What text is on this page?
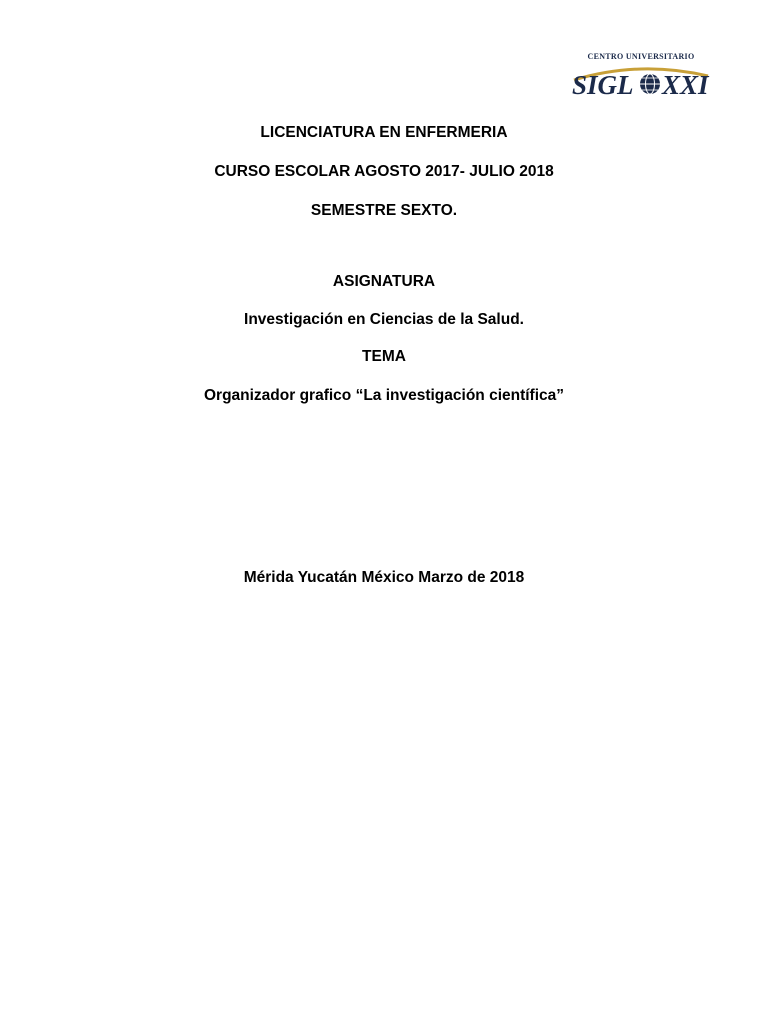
CENTRO UNIVERSITARIO
SIGL XXI
LICENCIATURA EN ENFERMERIA
CURSO ESCOLAR AGOSTO 2017- JULIO 2018
SEMESTRE SEXTO.
ASIGNATURA
Investigación en Ciencias de la Salud.
TEMA
Organizador grafico “La investigación científica”
Mérida Yucatán México Marzo de 2018
